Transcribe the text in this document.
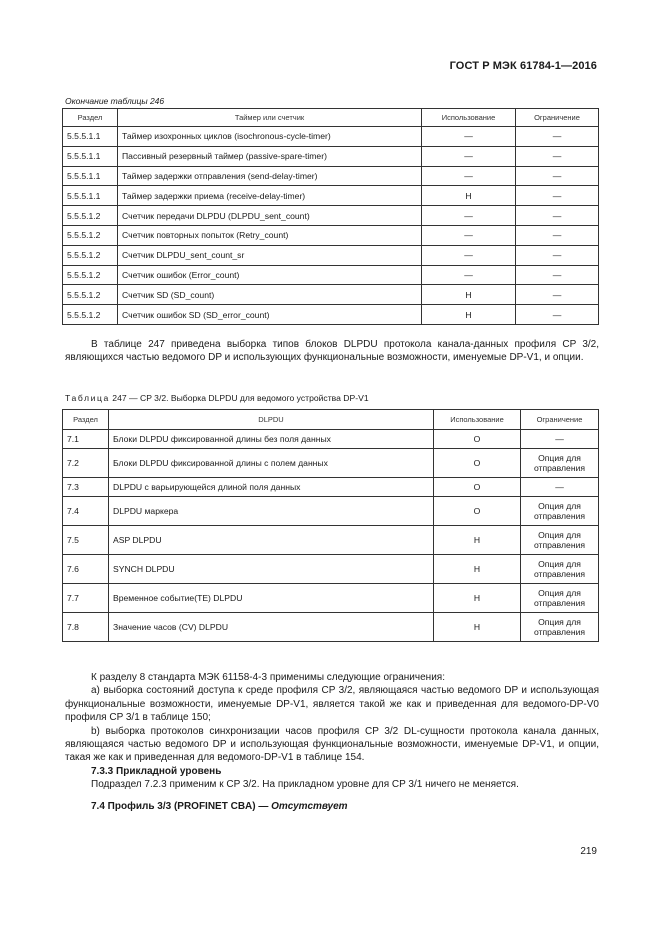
ГОСТ Р МЭК 61784-1—2016
Окончание таблицы 246
Раздел	Таймер или счетчик	Использование	Ограничение
5.5.5.1.1	Таймер изохронных циклов (isochronous-cycle-timer)	—	—
5.5.5.1.1	Пассивный резервный таймер (passive-spare-timer)	—	—
5.5.5.1.1	Таймер задержки отправления (send-delay-timer)	—	—
5.5.5.1.1	Таймер задержки приема (receive-delay-timer)	Н	—
5.5.5.1.2	Счетчик передачи DLPDU (DLPDU_sent_count)	—	—
5.5.5.1.2	Счетчик повторных попыток (Retry_count)	—	—
5.5.5.1.2	Счетчик DLPDU_sent_count_sr	—	—
5.5.5.1.2	Счетчик ошибок (Error_count)	—	—
5.5.5.1.2	Счетчик SD (SD_count)	Н	—
5.5.5.1.2	Счетчик ошибок SD (SD_error_count)	Н	—

В таблице 247 приведена выборка типов блоков DLPDU протокола канала-данных профиля CP 3/2, являющихся частью ведомого DP и использующих функциональные возможности, именуемые DP-V1, и опции.

Таблица 247 — CP 3/2. Выборка DLPDU для ведомого устройства DP-V1
Раздел	DLPDU	Использование	Ограничение
7.1	Блоки DLPDU фиксированной длины без поля данных	О	—
7.2	Блоки DLPDU фиксированной длины с полем данных	О	Опция для отправления
7.3	DLPDU с варьирующейся длиной поля данных	О	—
7.4	DLPDU маркера	О	Опция для отправления
7.5	ASP DLPDU	Н	Опция для отправления
7.6	SYNCH DLPDU	Н	Опция для отправления
7.7	Временное событие(TE) DLPDU	Н	Опция для отправления
7.8	Значение часов (CV) DLPDU	Н	Опция для отправления

К разделу 8 стандарта МЭК 61158-4-3 применимы следующие ограничения:

а) выборка состояний доступа к среде профиля CP 3/2, являющаяся частью ведомого DP и использующая функциональные возможности, именуемые DP-V1, является такой же как и приведенная для ведомого-DP-V0 профиля CP 3/1 в таблице 150;

b) выборка протоколов синхронизации часов профиля CP 3/2 DL-сущности протокола канала данных, являющаяся частью ведомого DP и использующая функциональные возможности, именуемые DP-V1, и опции, такая же как и приведенная для ведомого-DP-V1 в таблице 154.

7.3.3 Прикладной уровень

Подраздел 7.2.3 применим к CP 3/2. На прикладном уровне для CP 3/1 ничего не меняется.

7.4 Профиль 3/3 (PROFINET CBA) — Отсутствует

219
